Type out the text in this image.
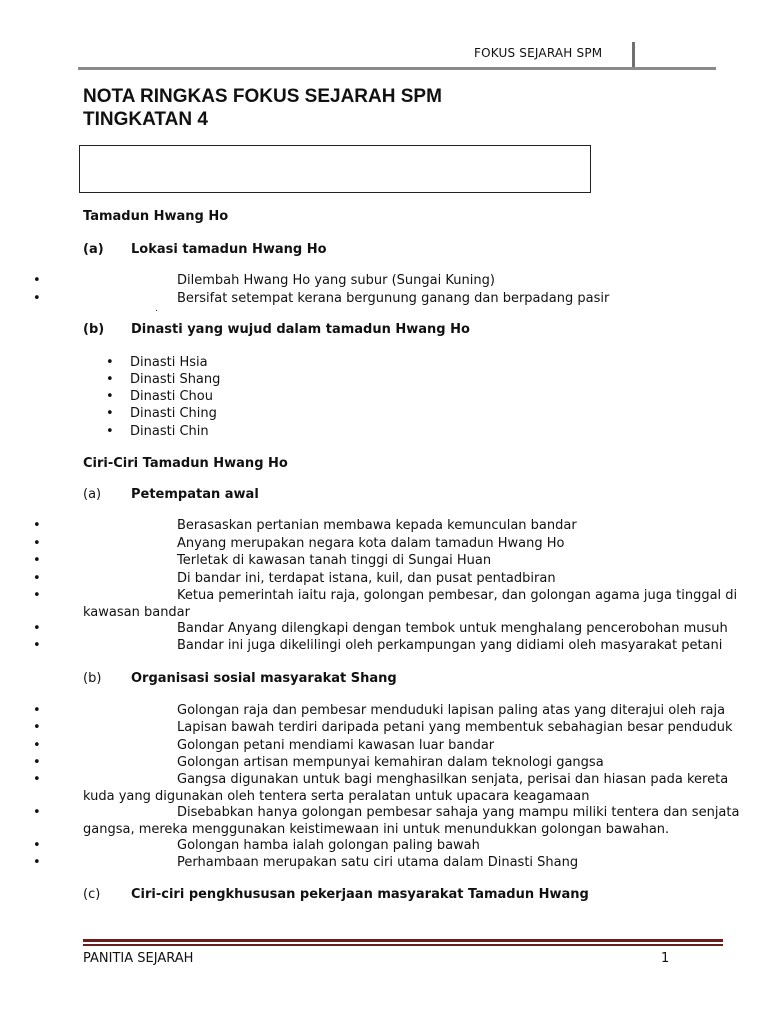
FOKUS SEJARAH SPM
NOTA RINGKAS FOKUS SEJARAH SPM
TINGKATAN 4
Tamadun Hwang Ho
(a) Lokasi tamadun Hwang Ho
•	Dilembah Hwang Ho yang subur (Sungai Kuning)
•	Bersifat setempat kerana bergunung ganang dan berpadang pasir
.
(b) Dinasti yang wujud dalam tamadun Hwang Ho
• Dinasti Hsia
• Dinasti Shang
• Dinasti Chou
• Dinasti Ching
• Dinasti Chin
Ciri-Ciri Tamadun Hwang Ho
(a) Petempatan awal
•	Berasaskan pertanian membawa kepada kemunculan bandar
•	Anyang merupakan negara kota dalam tamadun Hwang Ho
•	Terletak di kawasan tanah tinggi di Sungai Huan
•	Di bandar ini, terdapat istana, kuil, dan pusat pentadbiran
•	Ketua pemerintah iaitu raja, golongan pembesar, dan golongan agama juga tinggal di
kawasan bandar
•	Bandar Anyang dilengkapi dengan tembok untuk menghalang pencerobohan musuh
•	Bandar ini juga dikelilingi oleh perkampungan yang didiami oleh masyarakat petani
(b) Organisasi sosial masyarakat Shang
•	Golongan raja dan pembesar menduduki lapisan paling atas yang diterajui oleh raja
•	Lapisan bawah terdiri daripada petani yang membentuk sebahagian besar penduduk
•	Golongan petani mendiami kawasan luar bandar
•	Golongan artisan mempunyai kemahiran dalam teknologi gangsa
•	Gangsa digunakan untuk bagi menghasilkan senjata, perisai dan hiasan pada kereta
kuda yang digunakan oleh tentera serta peralatan untuk upacara keagamaan
•	Disebabkan hanya golongan pembesar sahaja yang mampu miliki tentera dan senjata
gangsa, mereka menggunakan keistimewaan ini untuk menundukkan golongan bawahan.
•	Golongan hamba ialah golongan paling bawah
•	Perhambaan merupakan satu ciri utama dalam Dinasti Shang
(c) Ciri-ciri pengkhususan pekerjaan masyarakat Tamadun Hwang
PANITIA SEJARAH	1
